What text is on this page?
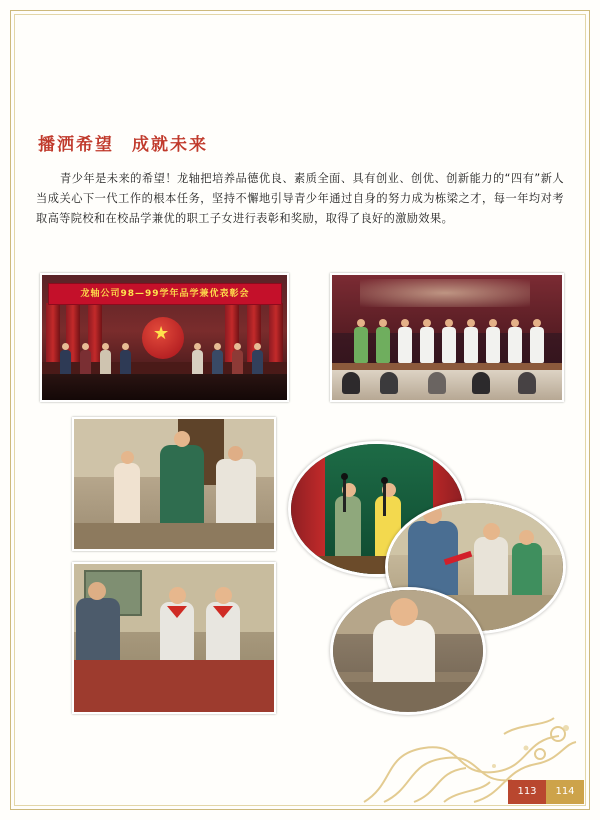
播洒希望 成就未来

青少年是未来的希望！龙轴把培养品德优良、素质全面、具有创业、创优、创新能力的“四有”新人当成关心下一代工作的根本任务，坚持不懈地引导青少年通过自身的努力成为栋梁之才，每一年均对考取高等院校和在校品学兼优的职工子女进行表彰和奖励，取得了良好的激励效果。

★
龙轴公司98—99学年品学兼优表彰会
113	114
